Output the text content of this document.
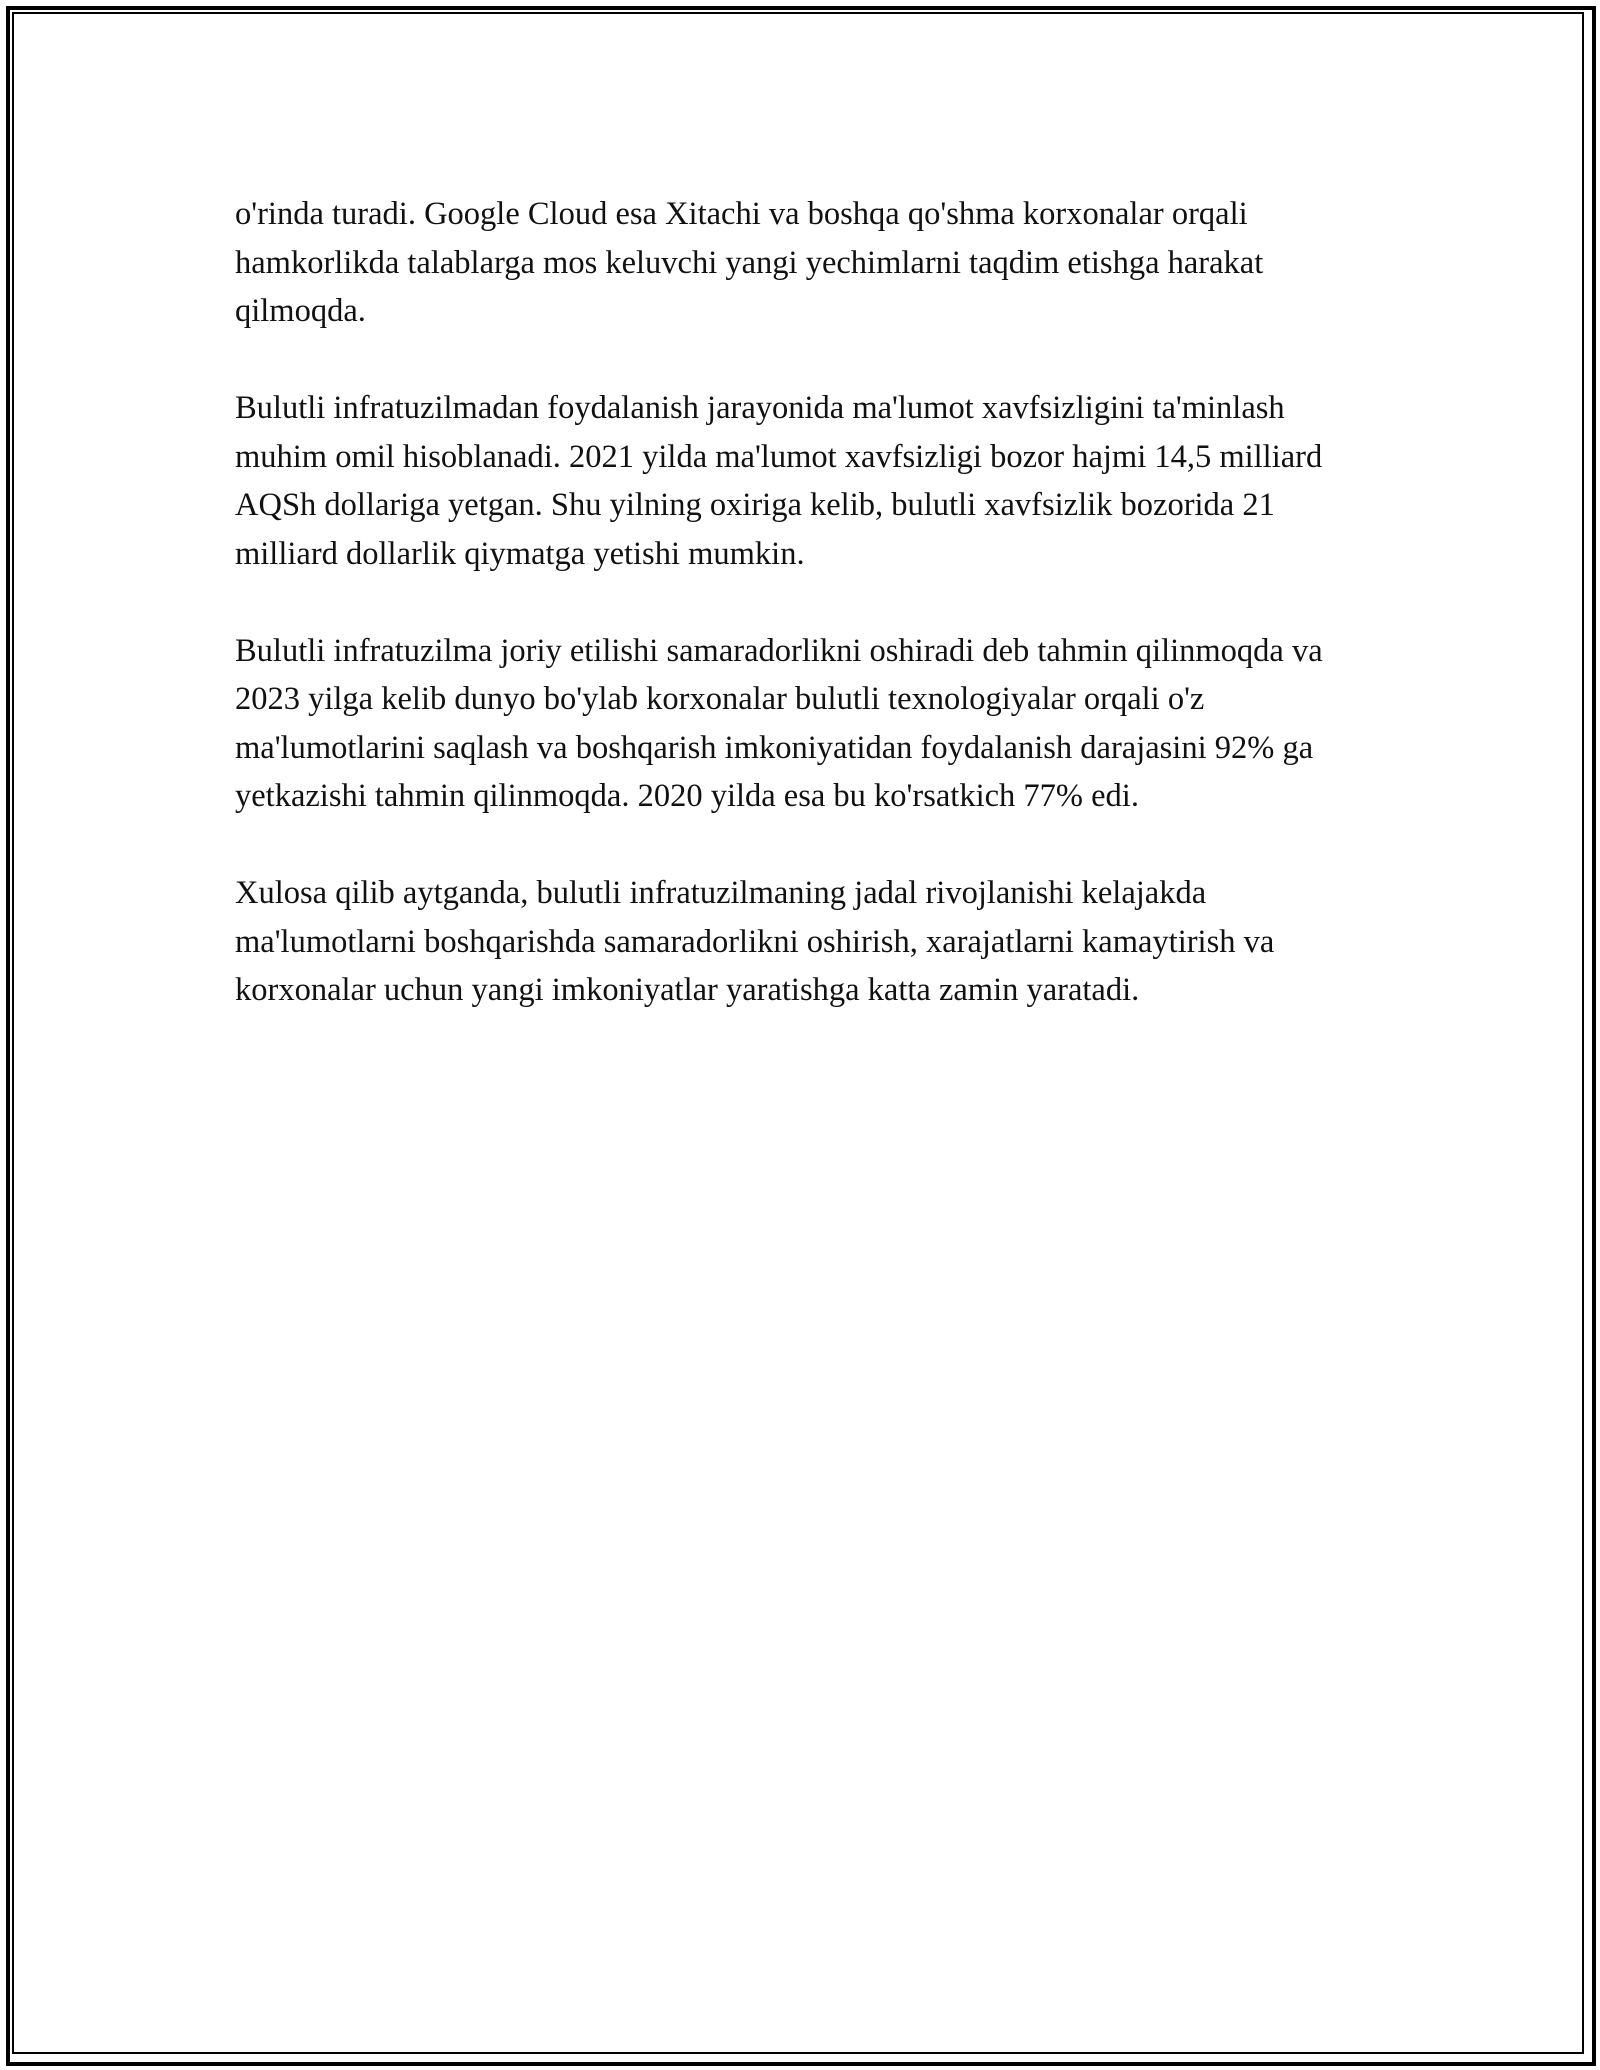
o'rinda turadi. Google Cloud esa Xitachi va boshqa qo'shma korxonalar orqali hamkorlikda talablarga mos keluvchi yangi yechimlarni taqdim etishga harakat qilmoqda.

Bulutli infratuzilmadan foydalanish jarayonida ma'lumot xavfsizligini ta'minlash muhim omil hisoblanadi. 2021 yilda ma'lumot xavfsizligi bozor hajmi 14,5 milliard AQSh dollariga yetgan. Shu yilning oxiriga kelib, bulutli xavfsizlik bozorida 21 milliard dollarlik qiymatga yetishi mumkin.

Bulutli infratuzilma joriy etilishi samaradorlikni oshiradi deb tahmin qilinmoqda va 2023 yilga kelib dunyo bo'ylab korxonalar bulutli texnologiyalar orqali o'z ma'lumotlarini saqlash va boshqarish imkoniyatidan foydalanish darajasini 92% ga yetkazishi tahmin qilinmoqda. 2020 yilda esa bu ko'rsatkich 77% edi.

Xulosa qilib aytganda, bulutli infratuzilmaning jadal rivojlanishi kelajakda ma'lumotlarni boshqarishda samaradorlikni oshirish, xarajatlarni kamaytirish va korxonalar uchun yangi imkoniyatlar yaratishga katta zamin yaratadi.
